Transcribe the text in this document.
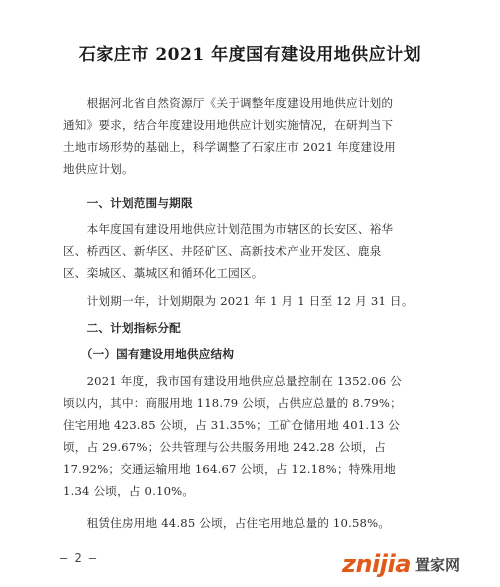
石家庄市 2021 年度国有建设用地供应计划
　　根据河北省自然资源厅《关于调整年度建设用地供应计划的
通知》要求，结合年度建设用地供应计划实施情况，在研判当下
土地市场形势的基础上，科学调整了石家庄市 2021 年度建设用
地供应计划。
　　一、计划范围与期限
　　本年度国有建设用地供应计划范围为市辖区的长安区、裕华
区、桥西区、新华区、井陉矿区、高新技术产业开发区、鹿泉
区、栾城区、藁城区和循环化工园区。
　　计划期一年，计划期限为 2021 年 1 月 1 日至 12 月 31 日。
　　二、计划指标分配
　　（一）国有建设用地供应结构
　　2021 年度，我市国有建设用地供应总量控制在 1352.06 公
顷以内，其中：商服用地 118.79 公顷，占供应总量的 8.79%；
住宅用地 423.85 公顷，占 31.35%；工矿仓储用地 401.13 公
顷，占 29.67%；公共管理与公共服务用地 242.28 公顷，占
17.92%；交通运输用地 164.67 公顷，占 12.18%；特殊用地
1.34 公顷，占 0.10%。
　　租赁住房用地 44.85 公顷，占住宅用地总量的 10.58%。
— 2 —	znijia 置家网
